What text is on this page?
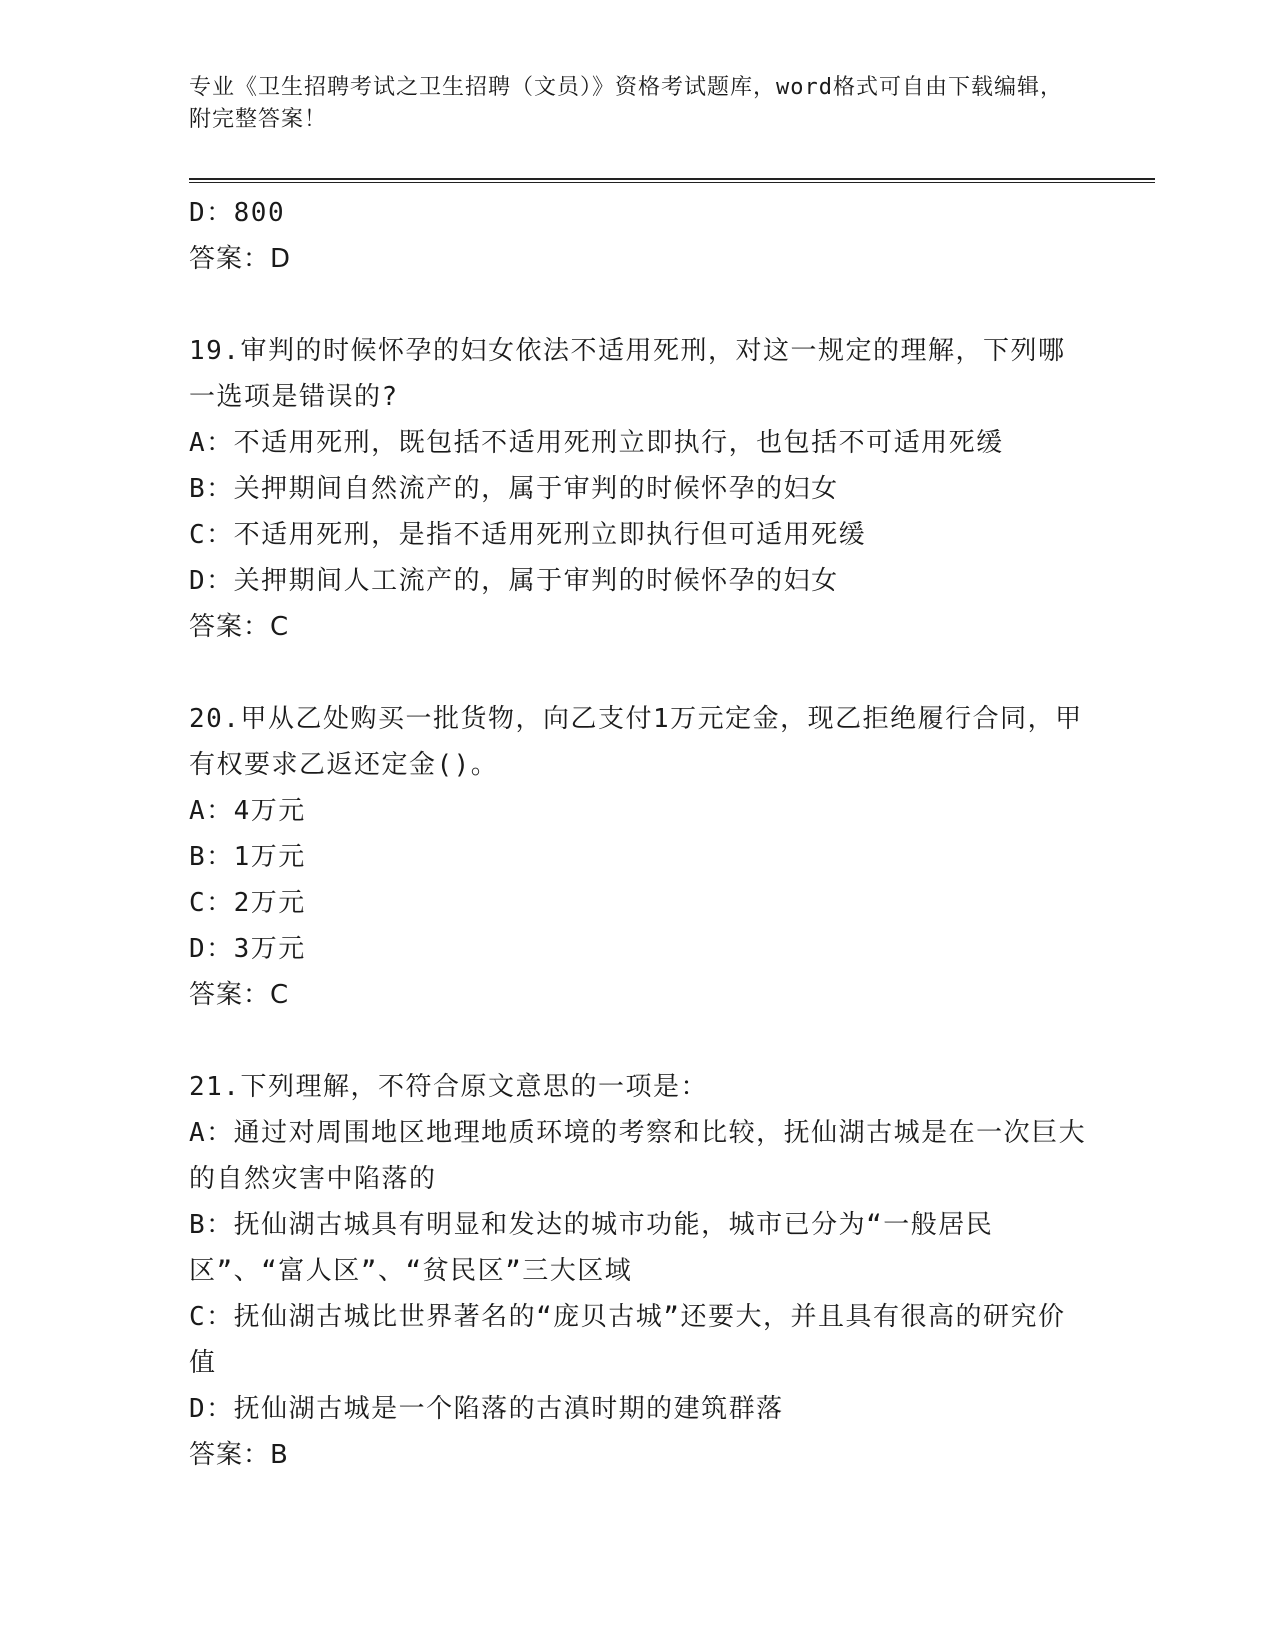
专业《卫生招聘考试之卫生招聘（文员）》资格考试题库，word格式可自由下载编辑，附完整答案！
D：800
答案：D
19.审判的时候怀孕的妇女依法不适用死刑，对这一规定的理解，下列哪一选项是错误的?
A：不适用死刑，既包括不适用死刑立即执行，也包括不可适用死缓
B：关押期间自然流产的，属于审判的时候怀孕的妇女
C：不适用死刑，是指不适用死刑立即执行但可适用死缓
D：关押期间人工流产的，属于审判的时候怀孕的妇女
答案：C
20.甲从乙处购买一批货物，向乙支付1万元定金，现乙拒绝履行合同，甲有权要求乙返还定金()。
A：4万元
B：1万元
C：2万元
D：3万元
答案：C
21.下列理解，不符合原文意思的一项是：
A：通过对周围地区地理地质环境的考察和比较，抚仙湖古城是在一次巨大的自然灾害中陷落的
B：抚仙湖古城具有明显和发达的城市功能，城市已分为“一般居民区”、“富人区”、“贫民区”三大区域
C：抚仙湖古城比世界著名的“庞贝古城”还要大，并且具有很高的研究价值
D：抚仙湖古城是一个陷落的古滇时期的建筑群落
答案：B
